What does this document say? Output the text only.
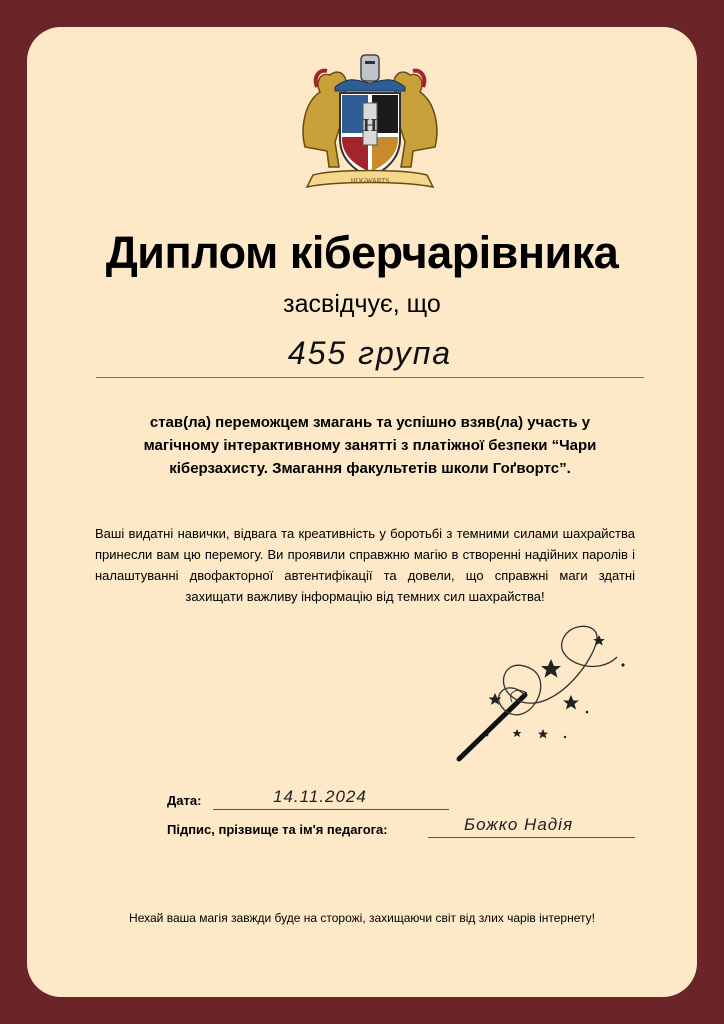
H
HOGWARTS
Диплом кіберчарівника
засвідчує, що
455 група
став(ла) переможцем змагань та успішно взяв(ла) участь у магічному інтерактивному занятті з платіжної безпеки “Чари кіберзахисту. Змагання факультетів школи Гоґвортс”.
Ваші видатні навички, відвага та креативність у боротьбі з темними силами шахрайства принесли вам цю перемогу. Ви проявили справжню магію в створенні надійних паролів і налаштуванні двофакторної автентифікації та довели, що справжні маги здатні захищати важливу інформацію від темних сил шахрайства!
Дата:	14.11.2024
Підпис, прізвище та ім'я педагога:	Божко Надія
Нехай ваша магія завжди буде на сторожі, захищаючи світ від злих чарів інтернету!
